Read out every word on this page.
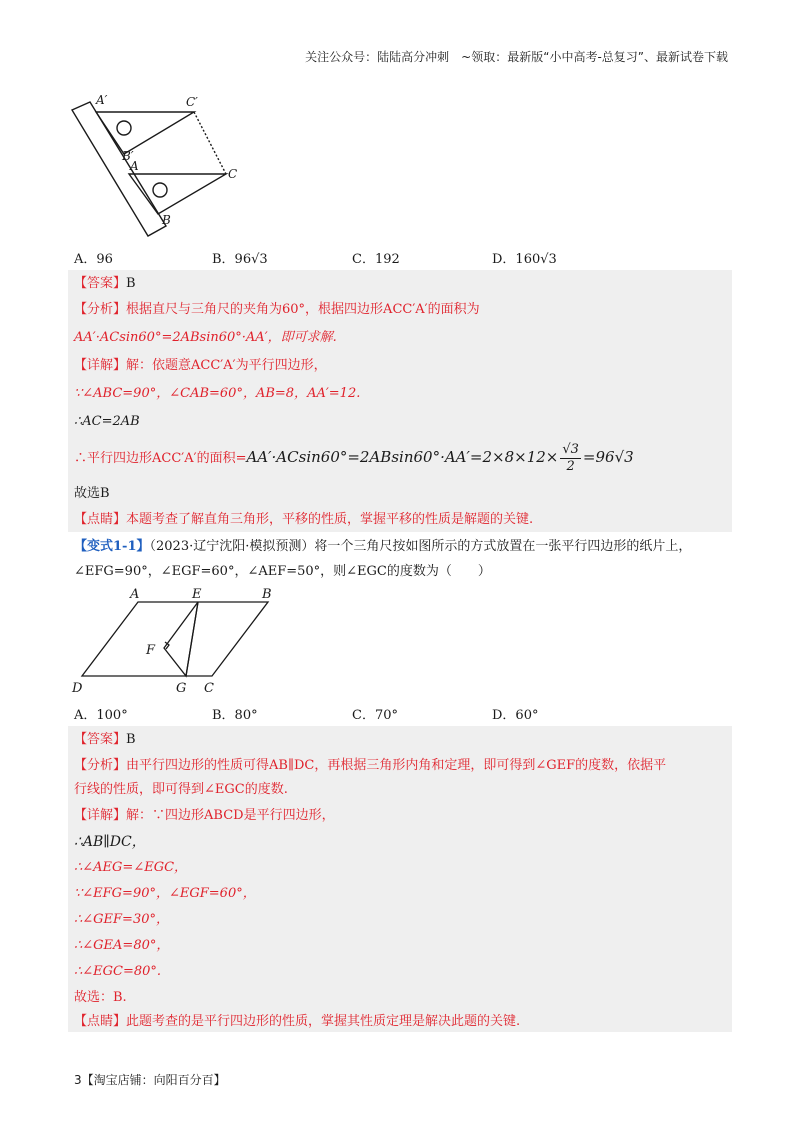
关注公众号：陆陆高分冲刺　~领取：最新版“小中高考-总复习”、最新试卷下载
A′	C′
B′
A
C
B
A．96	B．96√3	C．192	D．160√3
【答案】B
【分析】根据直尺与三角尺的夹角为60°，根据四边形ACC′A′的面积为
AA′·ACsin60°=2ABsin60°·AA′，即可求解.
【详解】解：依题意ACC′A′为平行四边形，
∵∠ABC=90°，∠CAB=60°，AB=8，AA′=12.
∴AC=2AB
∴平行四边形ACC′A′的面积$=AA'\cdot ACsin60^\circ=2ABsin60^\circ\cdot AA'=2\times 8\times 12\times \frac{√3}{2} =96√3$
故选B
【点睛】本题考查了解直角三角形，平移的性质，掌握平移的性质是解题的关键.
【变式1-1】（2023·辽宁沈阳·模拟预测）将一个三角尺按如图所示的方式放置在一张平行四边形的纸片上，
∠EFG=90°，∠EGF=60°，∠AEF=50°，则∠EGC的度数为（　　）
A	E	B
F
D	G C
A．100°	B．80°	C．70°	D．60°
【答案】B
【分析】由平行四边形的性质可得AB∥DC，再根据三角形内角和定理，即可得到∠GEF的度数，依据平
行线的性质，即可得到∠EGC的度数.
【详解】解：∵四边形ABCD是平行四边形，
∴AB∥DC，
∴∠AEG=∠EGC，
∵∠EFG=90°，∠EGF=60°，
∴∠GEF=30°，
∴∠GEA=80°，
∴∠EGC=80°.
故选：B.
【点睛】此题考查的是平行四边形的性质，掌握其性质定理是解决此题的关键.
3【淘宝店铺：向阳百分百】
